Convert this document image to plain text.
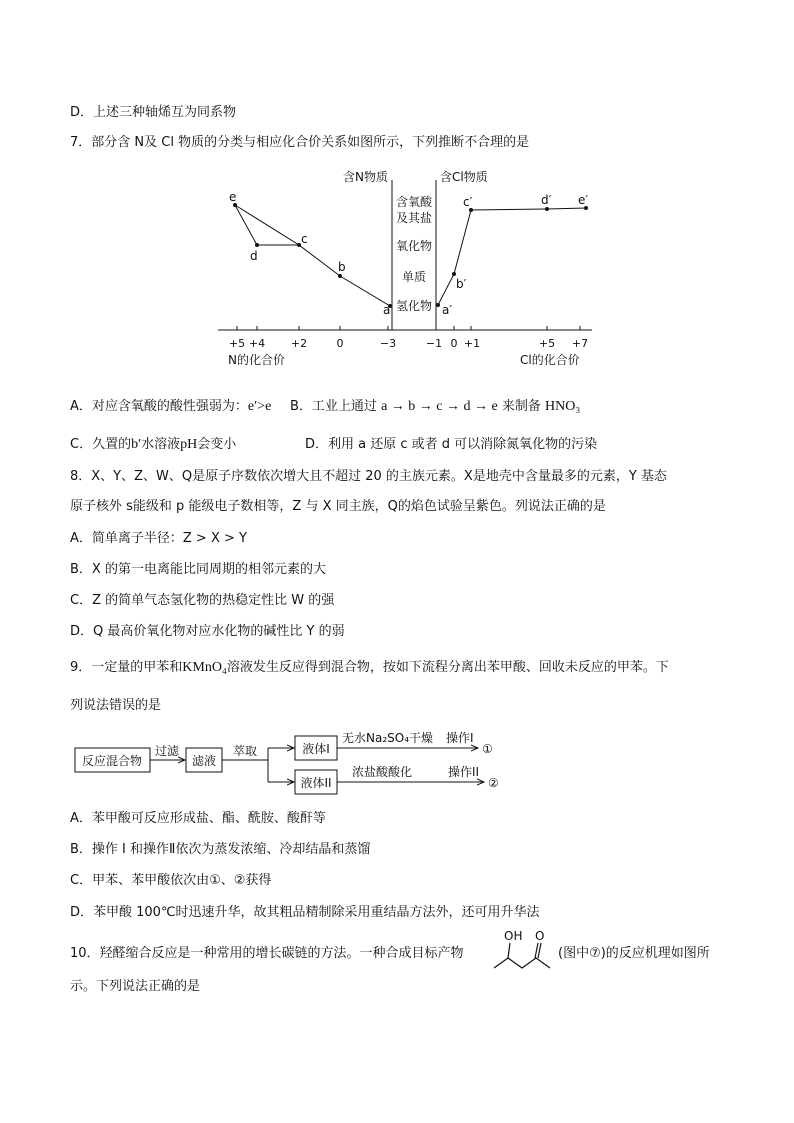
D．上述三种轴烯互为同系物
7．部分含 N及 Cl 物质的分类与相应化合价关系如图所示，下列推断不合理的是
含N物质	含Cl物质
含氧酸
及其盐
氧化物
单质
氢化物
+5 +4 +2	0	−3	−1 0 +1	+5 +7
N的化合价	Cl的化合价
e
d
c
b
a	a′
b′
c′	d′ e′
A．对应含氧酸的酸性强弱为：e′>e B．工业上通过 a → b → c → d → e 来制备 HNO₃
C．久置的b′水溶液pH会变小	D．利用 a 还原 c 或者 d 可以消除氮氧化物的污染
8．X、Y、Z、W、Q是原子序数依次增大且不超过 20 的主族元素。X是地壳中含量最多的元素，Y 基态
原子核外 s能级和 p 能级电子数相等，Z 与 X 同主族，Q的焰色试验呈紫色。列说法正确的是
A．简单离子半径：Z > X > Y
B．X 的第一电离能比同周期的相邻元素的大
C．Z 的简单气态氢化物的热稳定性比 W 的强
D．Q 最高价氧化物对应水化物的碱性比 Y 的弱
9．一定量的甲苯和KMnO₄溶液发生反应得到混合物，按如下流程分离出苯甲酸、回收未反应的甲苯。下
列说法错误的是
反应混合物
过滤
滤液
萃取	液体I
液体II
无水Na₂SO₄干燥 操作I
①
浓盐酸酸化	操作II
②
A．苯甲酸可反应形成盐、酯、酰胺、酸酐等
B．操作 I 和操作Ⅱ依次为蒸发浓缩、冷却结晶和蒸馏
C．甲苯、苯甲酸依次由①、②获得
D．苯甲酸 100℃时迅速升华，故其粗品精制除采用重结晶方法外，还可用升华法
10．羟醛缩合反应是一种常用的增长碳链的方法。一种合成目标产物
OH O
(图中⑦)的反应机理如图所
示。下列说法正确的是
